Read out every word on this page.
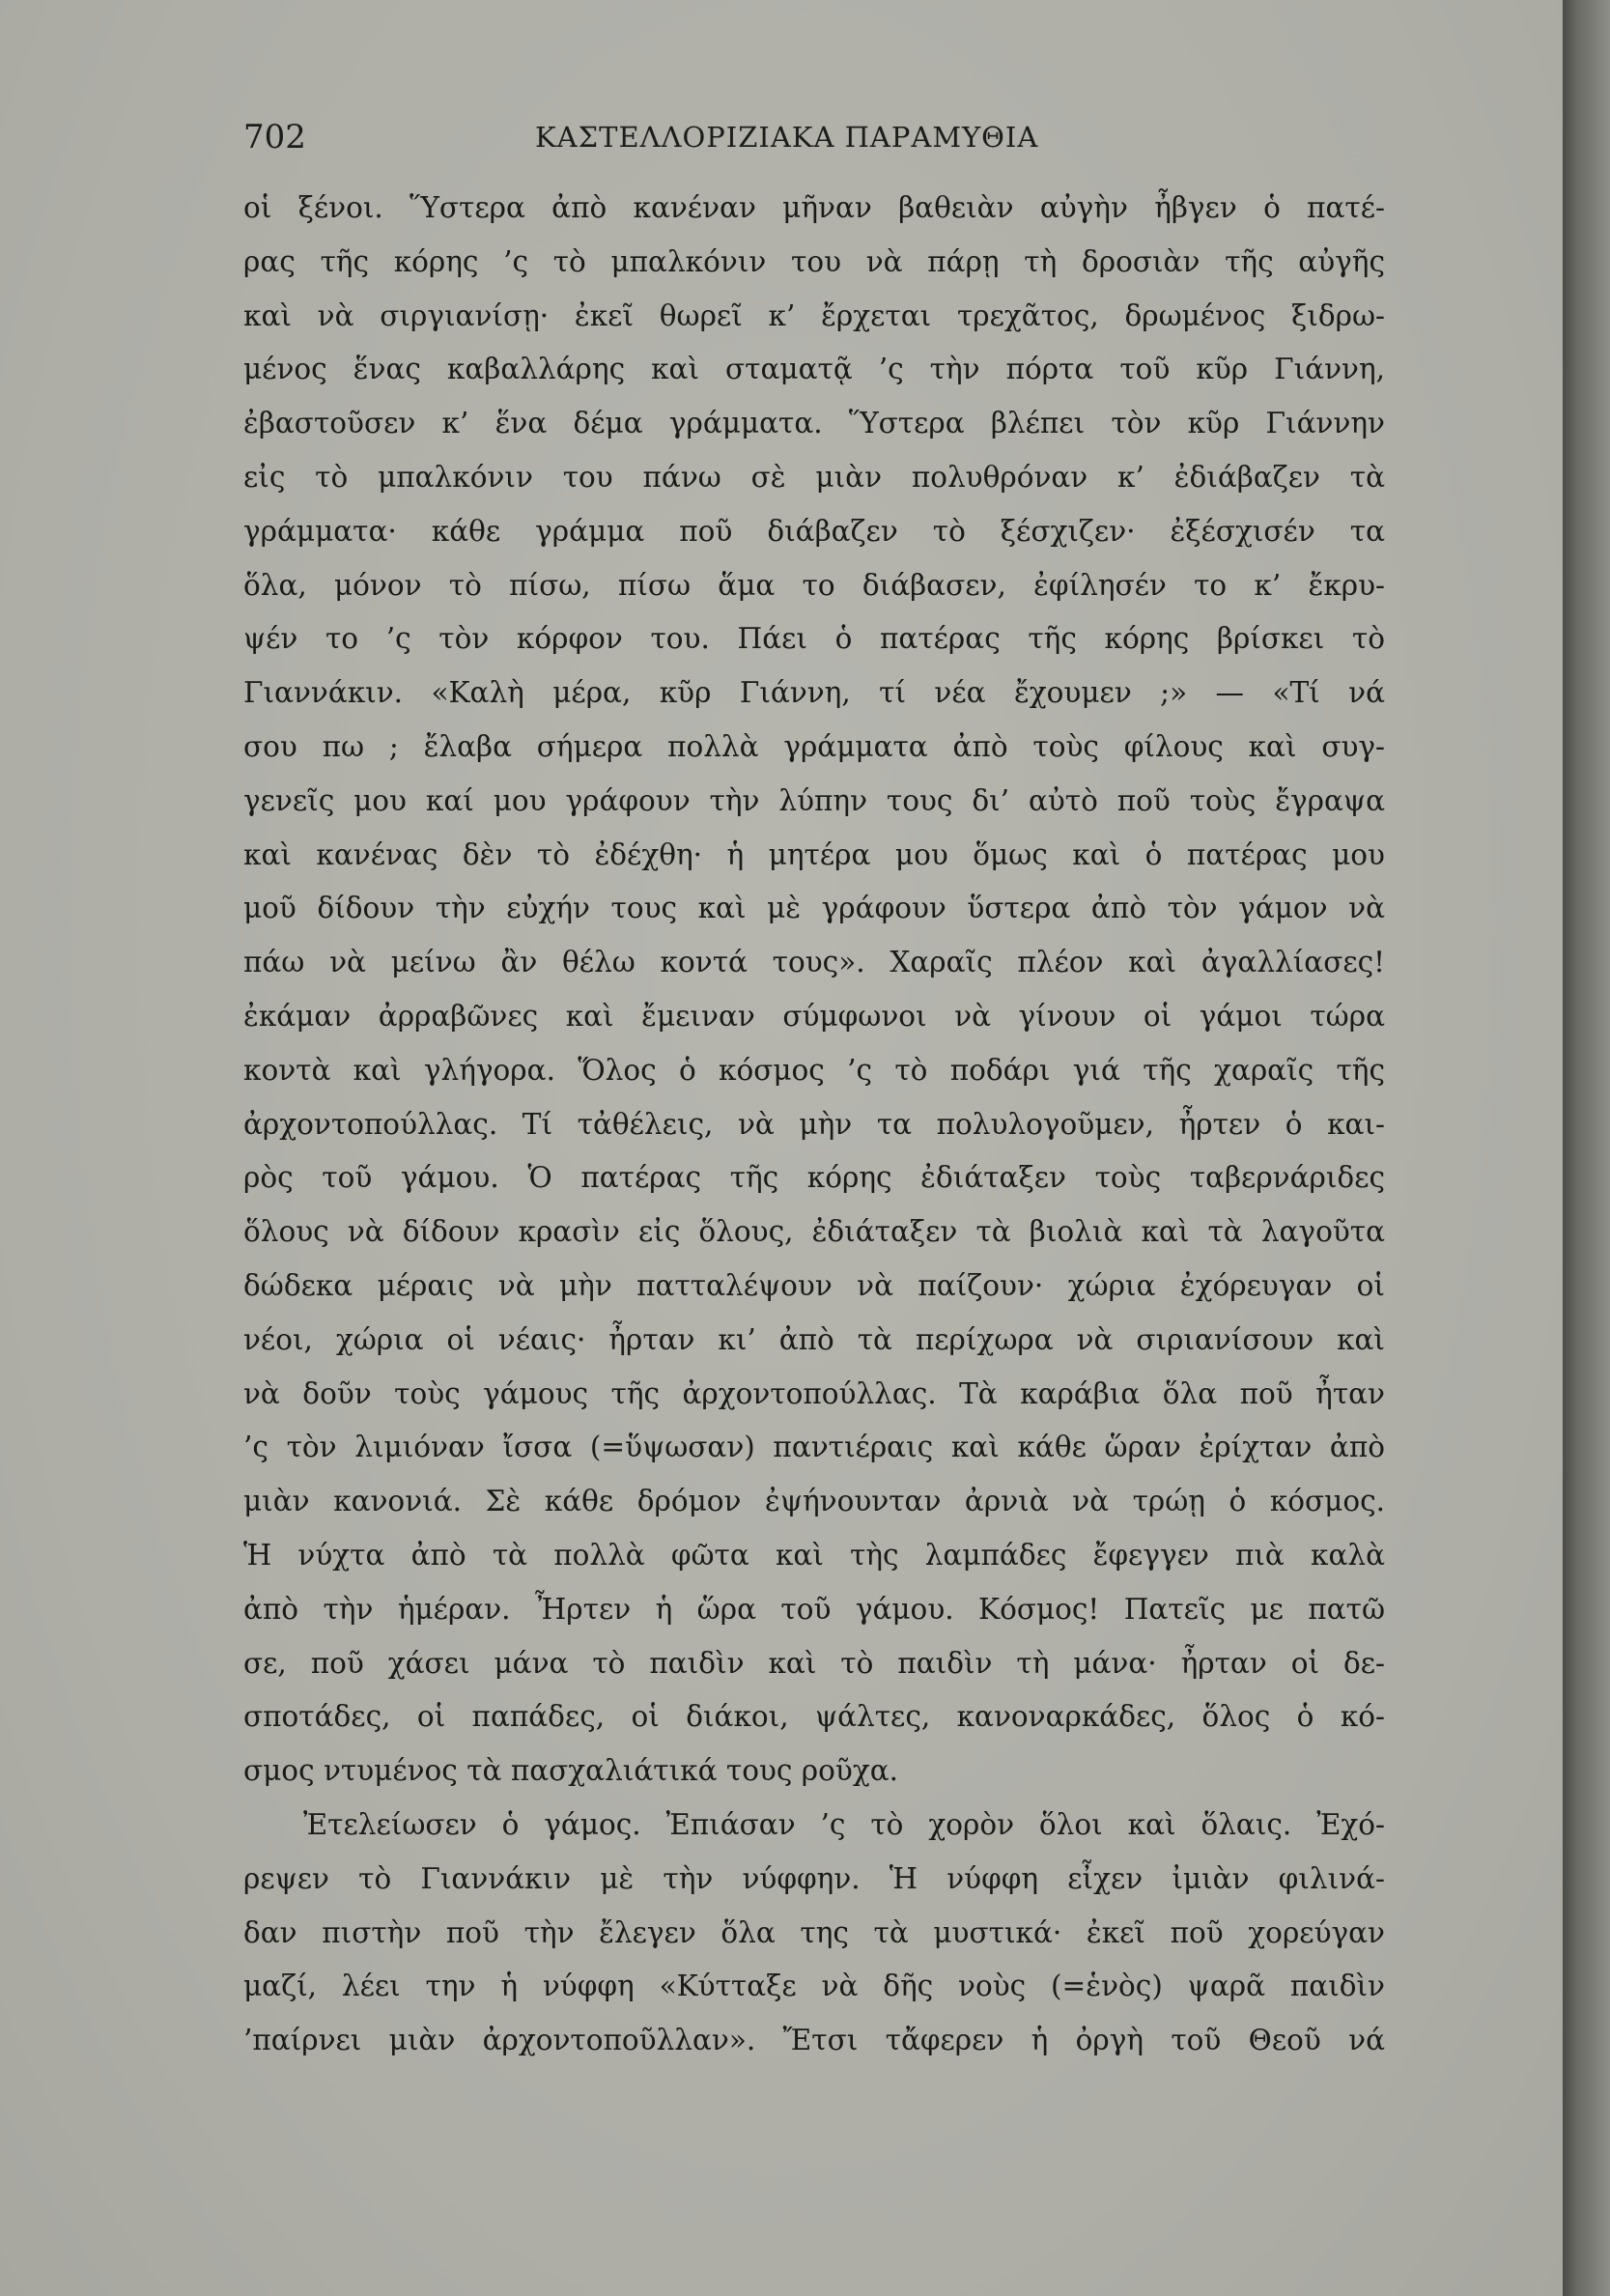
702	ΚΑΣΤΕΛΛΟΡΙΖΙΑΚΑ ΠΑΡΑΜΥΘΙΑ
οἱ ξένοι. Ὕστερα ἀπὸ κανέναν μῆναν βαθειὰν αὐγὴν ἦβγεν ὁ πατέ-
ρας τῆς κόρης ’ς τὸ μπαλκόνιν του νὰ πάρῃ τὴ δροσιὰν τῆς αὐγῆς
καὶ νὰ σιργιανίσῃ· ἐκεῖ θωρεῖ κ’ ἔρχεται τρεχᾶτος, δρωμένος ξιδρω-
μένος ἕνας καβαλλάρης καὶ σταματᾷ ’ς τὴν πόρτα τοῦ κῦρ Γιάννη,
ἐβαστοῦσεν κ’ ἕνα δέμα γράμματα. Ὕστερα βλέπει τὸν κῦρ Γιάννην
εἰς τὸ μπαλκόνιν του πάνω σὲ μιὰν πολυθρόναν κ’ ἐδιάβαζεν τὰ
γράμματα· κάθε γράμμα ποῦ διάβαζεν τὸ ξέσχιζεν· ἐξέσχισέν τα
ὅλα, μόνον τὸ πίσω, πίσω ἅμα το διάβασεν, ἐφίλησέν το κ’ ἔκρυ-
ψέν το ’ς τὸν κόρφον του. Πάει ὁ πατέρας τῆς κόρης βρίσκει τὸ
Γιαννάκιν. «Καλὴ μέρα, κῦρ Γιάννη, τί νέα ἔχουμεν ;» — «Τί νά
σου πω ; ἔλαβα σήμερα πολλὰ γράμματα ἀπὸ τοὺς φίλους καὶ συγ-
γενεῖς μου καί μου γράφουν τὴν λύπην τους δι’ αὐτὸ ποῦ τοὺς ἔγραψα
καὶ κανένας δὲν τὸ ἐδέχθη· ἡ μητέρα μου ὅμως καὶ ὁ πατέρας μου
μοῦ δίδουν τὴν εὐχήν τους καὶ μὲ γράφουν ὕστερα ἀπὸ τὸν γάμον νὰ
πάω νὰ μείνω ἂν θέλω κοντά τους». Χαραῖς πλέον καὶ ἀγαλλίασες!
ἐκάμαν ἀρραβῶνες καὶ ἔμειναν σύμφωνοι νὰ γίνουν οἱ γάμοι τώρα
κοντὰ καὶ γλήγορα. Ὅλος ὁ κόσμος ’ς τὸ ποδάρι γιά τῆς χαραῖς τῆς
ἀρχοντοπούλλας. Τί τἀθέλεις, νὰ μὴν τα πολυλογοῦμεν, ἦρτεν ὁ και-
ρὸς τοῦ γάμου. Ὁ πατέρας τῆς κόρης ἐδιάταξεν τοὺς ταβερνάριδες
ὅλους νὰ δίδουν κρασὶν εἰς ὅλους, ἐδιάταξεν τὰ βιολιὰ καὶ τὰ λαγοῦτα
δώδεκα μέραις νὰ μὴν πατταλέψουν νὰ παίζουν· χώρια ἐχόρευγαν οἱ
νέοι, χώρια οἱ νέαις· ἦρταν κι’ ἀπὸ τὰ περίχωρα νὰ σιριανίσουν καὶ
νὰ δοῦν τοὺς γάμους τῆς ἀρχοντοπούλλας. Τὰ καράβια ὅλα ποῦ ἦταν
’ς τὸν λιμιόναν ἴσσα (=ὕψωσαν) παντιέραις καὶ κάθε ὥραν ἐρίχταν ἀπὸ
μιὰν κανονιά. Σὲ κάθε δρόμον ἐψήνουνταν ἀρνιὰ νὰ τρώῃ ὁ κόσμος.
Ἡ νύχτα ἀπὸ τὰ πολλὰ φῶτα καὶ τὴς λαμπάδες ἔφεγγεν πιὰ καλὰ
ἀπὸ τὴν ἡμέραν. Ἦρτεν ἡ ὥρα τοῦ γάμου. Κόσμος! Πατεῖς με πατῶ
σε, ποῦ χάσει μάνα τὸ παιδὶν καὶ τὸ παιδὶν τὴ μάνα· ἦρταν οἱ δε-
σποτάδες, οἱ παπάδες, οἱ διάκοι, ψάλτες, κανοναρκάδες, ὅλος ὁ κό-
σμος ντυμένος τὰ πασχαλιάτικά τους ροῦχα.
Ἐτελείωσεν ὁ γάμος. Ἐπιάσαν ’ς τὸ χορὸν ὅλοι καὶ ὅλαις. Ἐχό-
ρεψεν τὸ Γιαννάκιν μὲ τὴν νύφφην. Ἡ νύφφη εἶχεν ἰμιὰν φιλινά-
δαν πιστὴν ποῦ τὴν ἔλεγεν ὅλα της τὰ μυστικά· ἐκεῖ ποῦ χορεύγαν
μαζί, λέει την ἡ νύφφη «Κύτταξε νὰ δῆς νοὺς (=ἑνὸς) ψαρᾶ παιδὶν
’παίρνει μιὰν ἀρχοντοποῦλλαν». Ἔτσι τἄφερεν ἡ ὀργὴ τοῦ Θεοῦ νά
